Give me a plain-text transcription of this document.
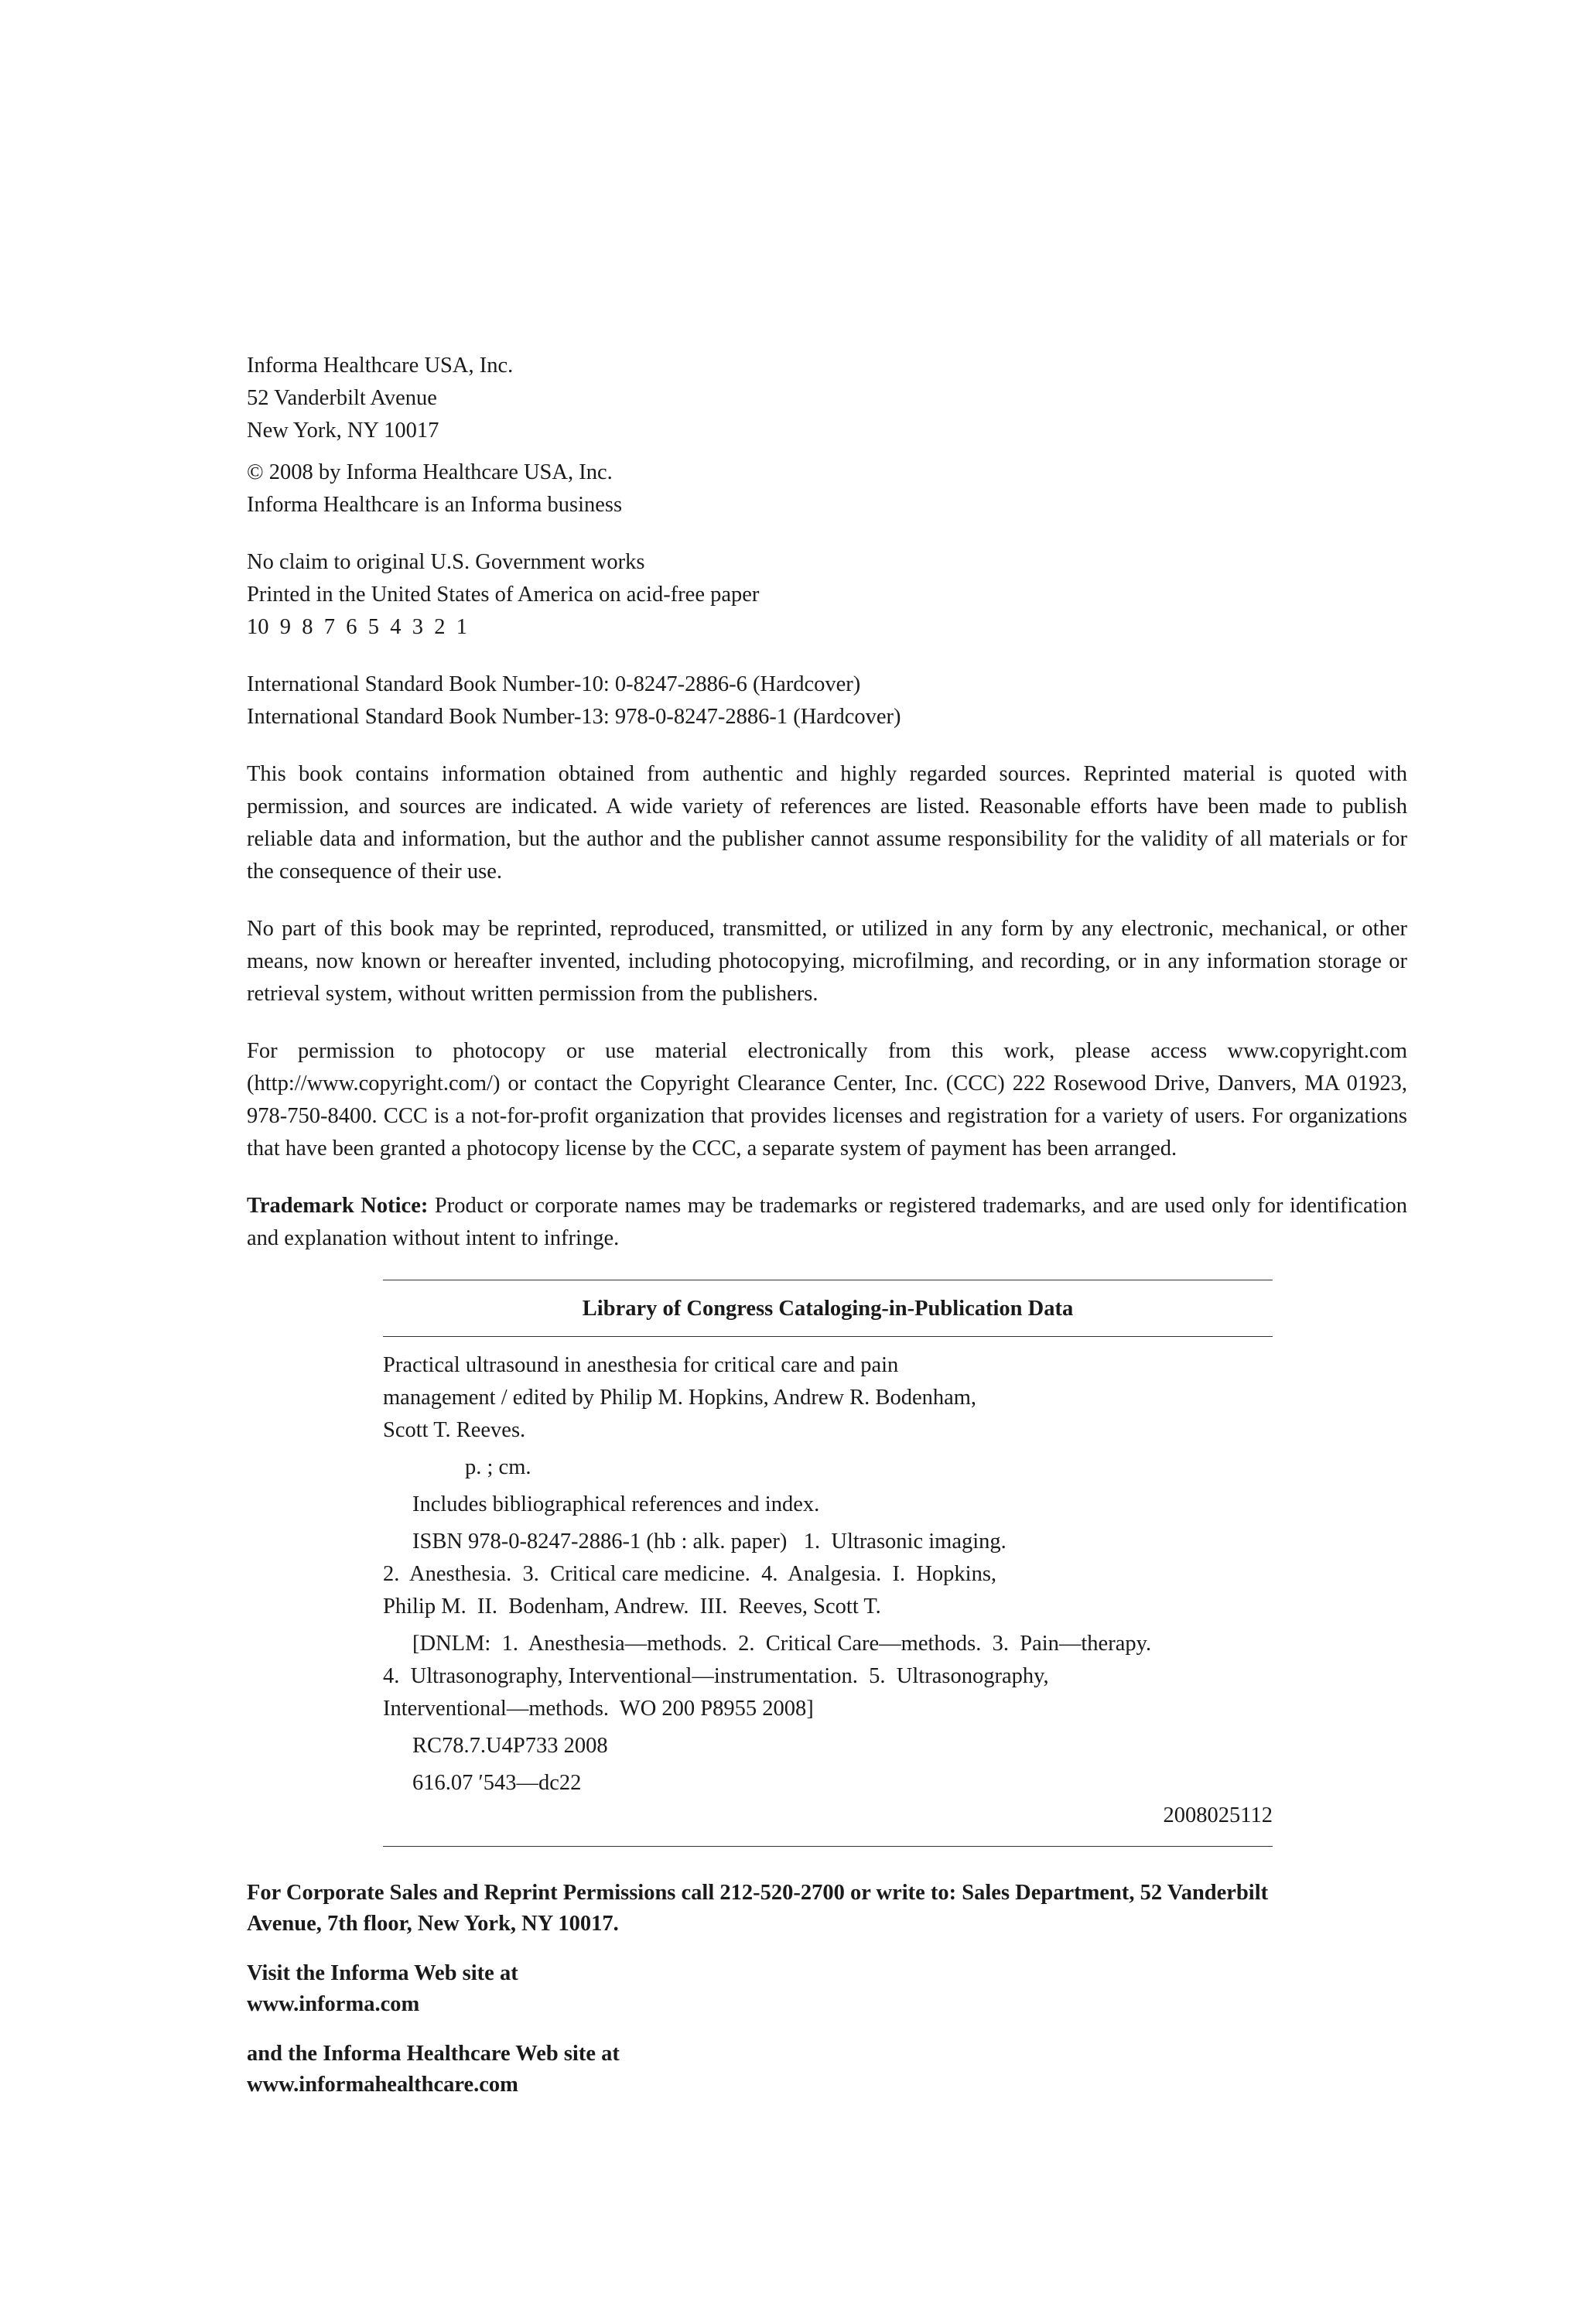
Informa Healthcare USA, Inc.
52 Vanderbilt Avenue
New York, NY 10017
© 2008 by Informa Healthcare USA, Inc.
Informa Healthcare is an Informa business
No claim to original U.S. Government works
Printed in the United States of America on acid-free paper
10  9  8  7  6  5  4  3  2  1
International Standard Book Number-10: 0-8247-2886-6 (Hardcover)
International Standard Book Number-13: 978-0-8247-2886-1 (Hardcover)

This book contains information obtained from authentic and highly regarded sources. Reprinted material is quoted with permission, and sources are indicated. A wide variety of references are listed. Reasonable efforts have been made to publish reliable data and information, but the author and the publisher cannot assume responsibility for the validity of all materials or for the consequence of their use.

No part of this book may be reprinted, reproduced, transmitted, or utilized in any form by any electronic, mechanical, or other means, now known or hereafter invented, including photocopying, microfilming, and recording, or in any information storage or retrieval system, without written permission from the publishers.

For permission to photocopy or use material electronically from this work, please access www.copyright.com (http://www.copyright.com/) or contact the Copyright Clearance Center, Inc. (CCC) 222 Rosewood Drive, Danvers, MA 01923, 978-750-8400. CCC is a not-for-profit organization that provides licenses and registration for a variety of users. For organizations that have been granted a photocopy license by the CCC, a separate system of payment has been arranged.

Trademark Notice: Product or corporate names may be trademarks or registered trademarks, and are used only for identification and explanation without intent to infringe.

Library of Congress Cataloging-in-Publication Data
Practical ultrasound in anesthesia for critical care and pain
management / edited by Philip M. Hopkins, Andrew R. Bodenham,
Scott T. Reeves.
p. ; cm.
Includes bibliographical references and index.
ISBN 978-0-8247-2886-1 (hb : alk. paper)   1.  Ultrasonic imaging.
2.  Anesthesia.  3.  Critical care medicine.  4.  Analgesia.  I.  Hopkins,
Philip M.  II.  Bodenham, Andrew.  III.  Reeves, Scott T.
[DNLM:  1.  Anesthesia—methods.  2.  Critical Care—methods.  3.  Pain—therapy.
4.  Ultrasonography, Interventional—instrumentation.  5.  Ultrasonography,
Interventional—methods.  WO 200 P8955 2008]
RC78.7.U4P733 2008
616.07 ′543—dc22
2008025112
For Corporate Sales and Reprint Permissions call 212-520-2700 or write to: Sales Department, 52 Vanderbilt
Avenue, 7th floor, New York, NY 10017.
Visit the Informa Web site at
www.informa.com
and the Informa Healthcare Web site at
www.informahealthcare.com
